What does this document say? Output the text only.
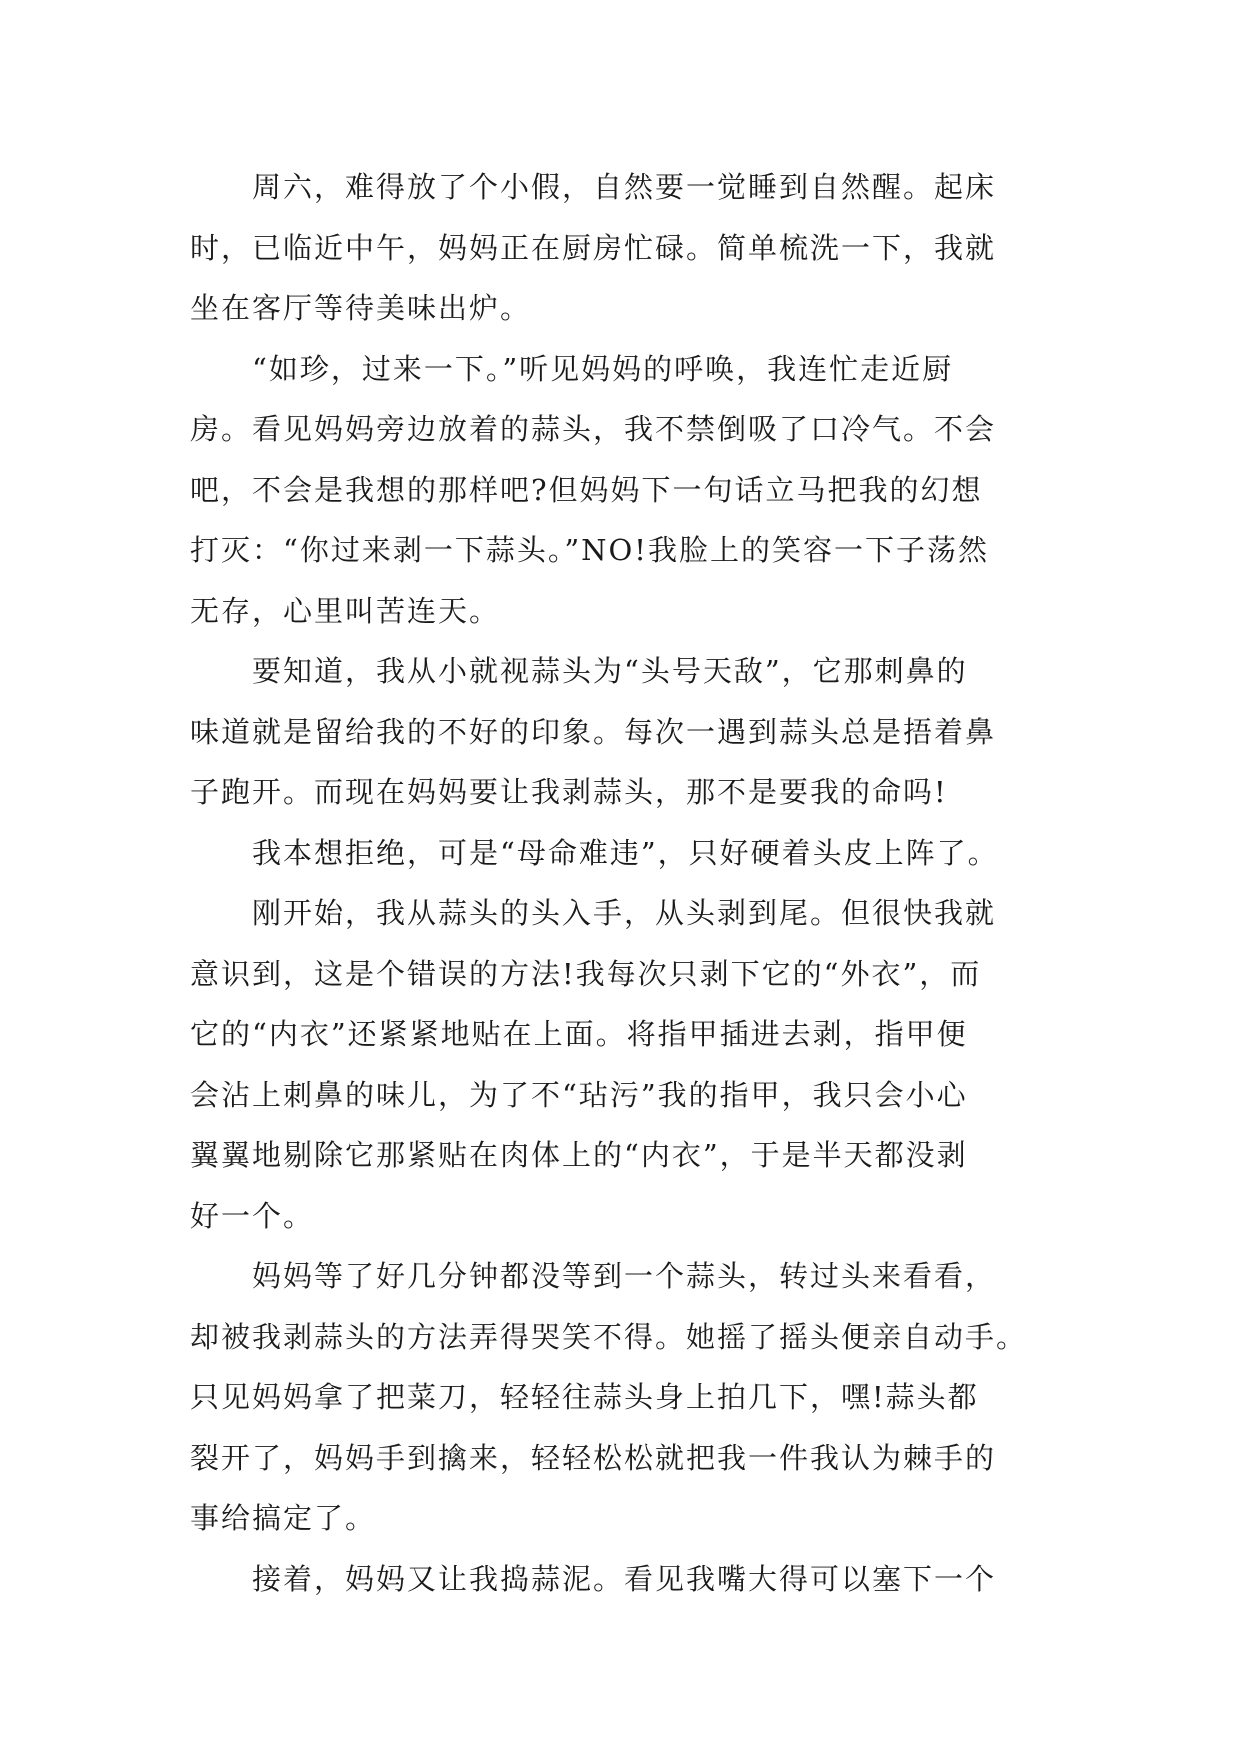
　　周六，难得放了个小假，自然要一觉睡到自然醒。起床
时，已临近中午，妈妈正在厨房忙碌。简单梳洗一下，我就
坐在客厅等待美味出炉。
　　“如珍，过来一下。”听见妈妈的呼唤，我连忙走近厨
房。看见妈妈旁边放着的蒜头，我不禁倒吸了口冷气。不会
吧，不会是我想的那样吧?但妈妈下一句话立马把我的幻想
打灭：“你过来剥一下蒜头。”NO!我脸上的笑容一下子荡然
无存，心里叫苦连天。
　　要知道，我从小就视蒜头为“头号天敌”，它那刺鼻的
味道就是留给我的不好的印象。每次一遇到蒜头总是捂着鼻
子跑开。而现在妈妈要让我剥蒜头，那不是要我的命吗!
　　我本想拒绝，可是“母命难违”，只好硬着头皮上阵了。
　　刚开始，我从蒜头的头入手，从头剥到尾。但很快我就
意识到，这是个错误的方法!我每次只剥下它的“外衣”，而
它的“内衣”还紧紧地贴在上面。将指甲插进去剥，指甲便
会沾上刺鼻的味儿，为了不“玷污”我的指甲，我只会小心
翼翼地剔除它那紧贴在肉体上的“内衣”，于是半天都没剥
好一个。
　　妈妈等了好几分钟都没等到一个蒜头，转过头来看看，
却被我剥蒜头的方法弄得哭笑不得。她摇了摇头便亲自动手。
只见妈妈拿了把菜刀，轻轻往蒜头身上拍几下，嘿!蒜头都
裂开了，妈妈手到擒来，轻轻松松就把我一件我认为棘手的
事给搞定了。
　　接着，妈妈又让我捣蒜泥。看见我嘴大得可以塞下一个
